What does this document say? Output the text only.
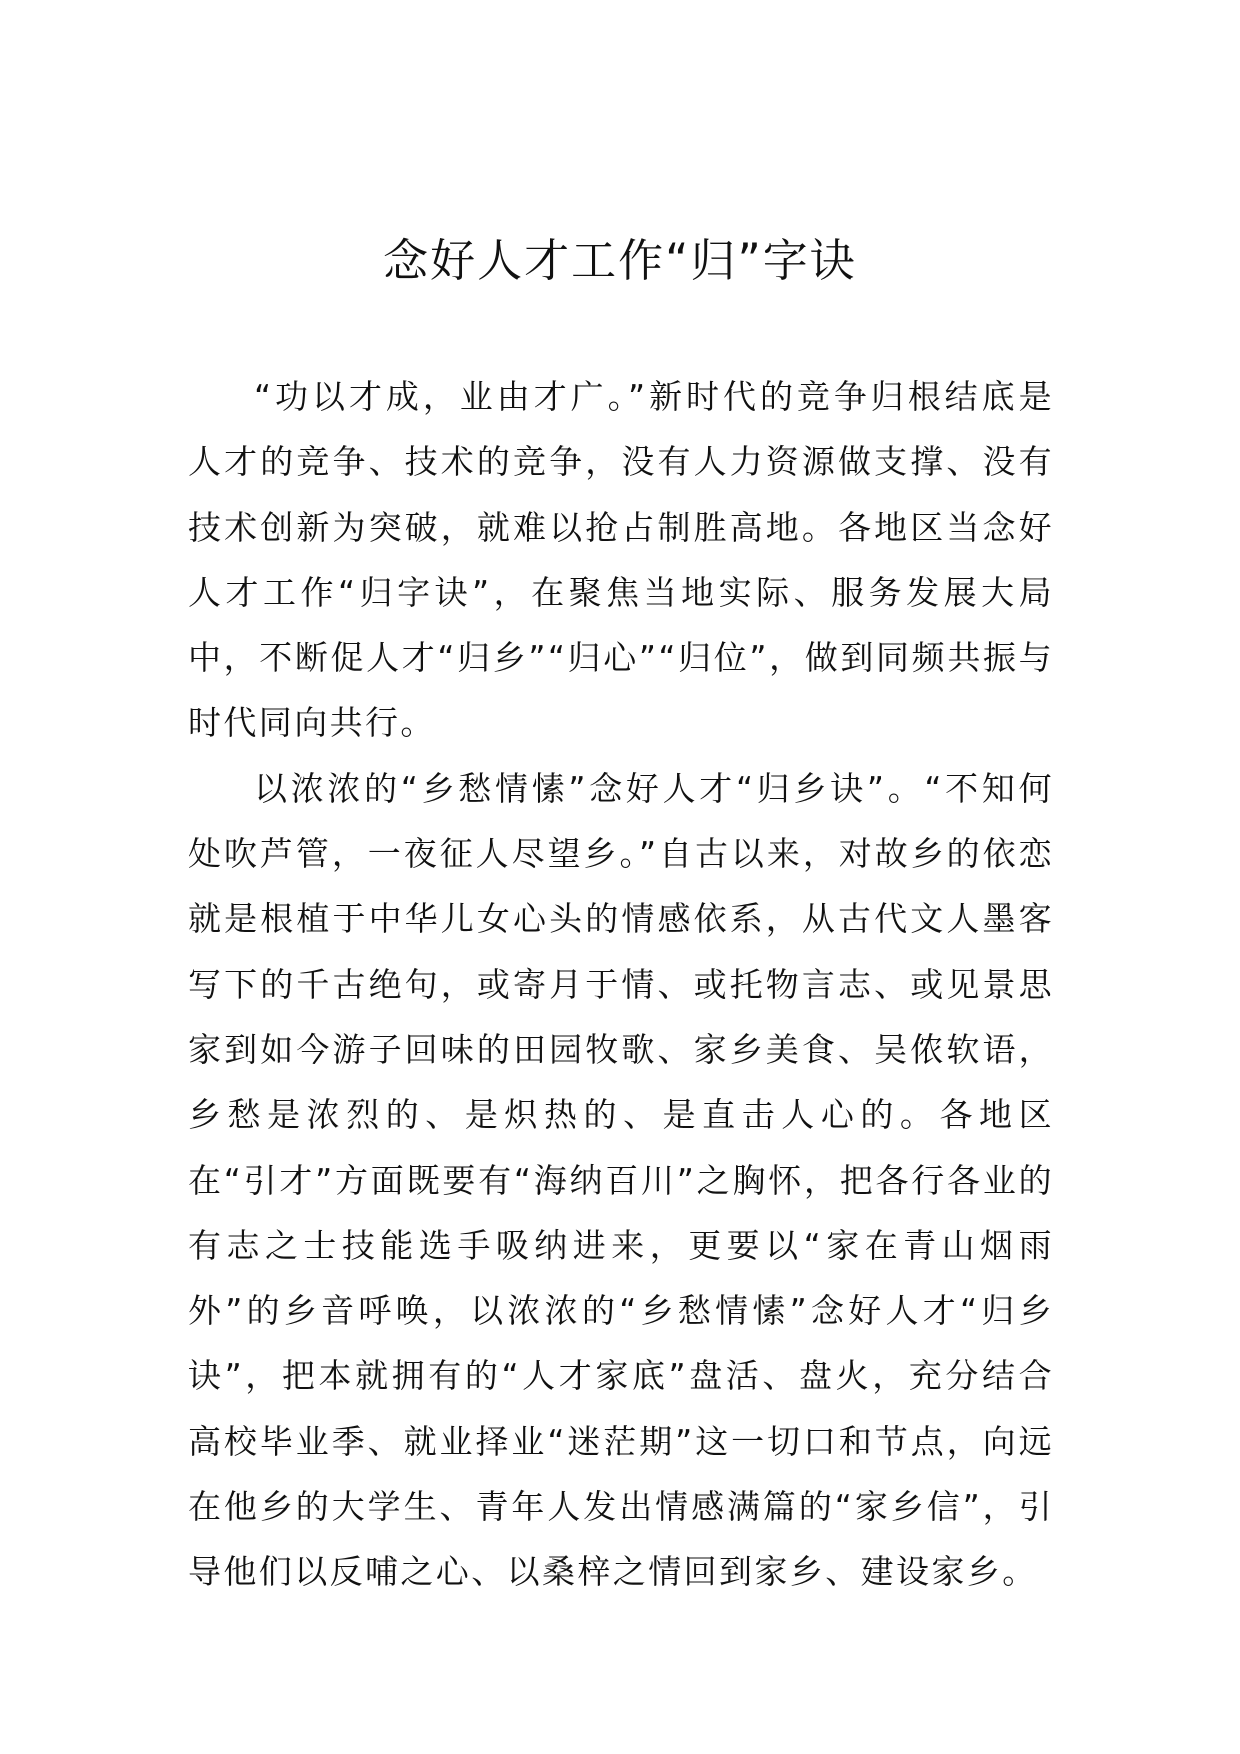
念好人才工作“归”字诀

“功以才成，业由才广。”新时代的竞争归根结底是人才的竞争、技术的竞争，没有人力资源做支撑、没有技术创新为突破，就难以抢占制胜高地。各地区当念好人才工作“归字诀”，在聚焦当地实际、服务发展大局中，不断促人才“归乡”“归心”“归位”，做到同频共振与时代同向共行。

以浓浓的“乡愁情愫”念好人才“归乡诀”。“不知何处吹芦管，一夜征人尽望乡。”自古以来，对故乡的依恋就是根植于中华儿女心头的情感依系，从古代文人墨客写下的千古绝句，或寄月于情、或托物言志、或见景思家到如今游子回味的田园牧歌、家乡美食、吴侬软语，乡愁是浓烈的、是炽热的、是直击人心的。各地区在“引才”方面既要有“海纳百川”之胸怀，把各行各业的有志之士技能选手吸纳进来，更要以“家在青山烟雨外”的乡音呼唤，以浓浓的“乡愁情愫”念好人才“归乡诀”，把本就拥有的“人才家底”盘活、盘火，充分结合高校毕业季、就业择业“迷茫期”这一切口和节点，向远在他乡的大学生、青年人发出情感满篇的“家乡信”，引导他们以反哺之心、以桑梓之情回到家乡、建设家乡。
